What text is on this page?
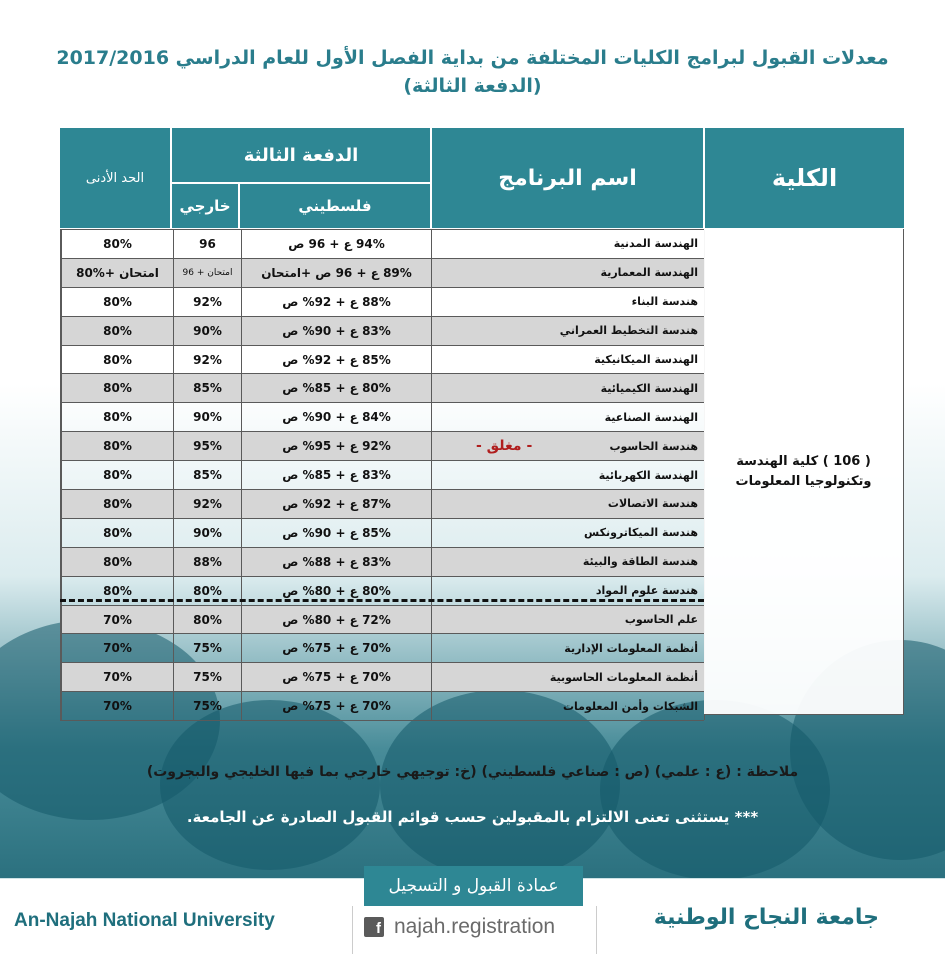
معدلات القبول لبرامج الكليات المختلفة من بداية الفصل الأول للعام الدراسي 2017/2016
(الدفعة الثالثة)
الكلية
اسم البرنامج
الدفعة الثالثة
فلسطيني
خارجي
الحد الأدنى
80%	96	94% ع + 96 ص	الهندسة المدنية
80%+ امتحان	96 + امتحان	89% ع + 96 ص +امتحان	الهندسة المعمارية
80%	92%	88% ع + 92% ص	هندسة البناء
80%	90%	83% ع + 90% ص	هندسة التخطيط العمراني
80%	92%	85% ع + 92% ص	الهندسة الميكانيكية
80%	85%	80% ع + 85% ص	الهندسة الكيميائية
80%	90%	84% ع + 90% ص	الهندسة الصناعية
80%	95%	92% ع + 95% ص	هندسة الحاسوب
- مغلق -
80%	85%	83% ع + 85% ص	الهندسة الكهربائية
80%	92%	87% ع + 92% ص	هندسة الاتصالات
80%	90%	85% ع + 90% ص	هندسة الميكاترونكس
80%	88%	83% ع + 88% ص	هندسة الطاقة والبيئة
80%	80%	80% ع + 80% ص	هندسة علوم المواد
70%	80%	72% ع + 80% ص	علم الحاسوب
70%	75%	70% ع + 75% ص	أنظمة المعلومات الإدارية
70%	75%	70% ع + 75% ص	أنظمة المعلومات الحاسوبية
70%	75%	70% ع + 75% ص	الشبكات وأمن المعلومات
( 106 ) كلية الهندسة وتكنولوجيا المعلومات
ملاحظة : (ع : علمي) (ص : صناعي فلسطيني) (خ: توجيهي خارجي بما فيها الخليجي والبجروت)
*** يستثنى تعنى الالتزام بالمقبولين حسب قوائم القبول الصادرة عن الجامعة.
An-Najah National University	جامعة النجاح الوطنية
عمادة القبول و التسجيل
f najah.registration
